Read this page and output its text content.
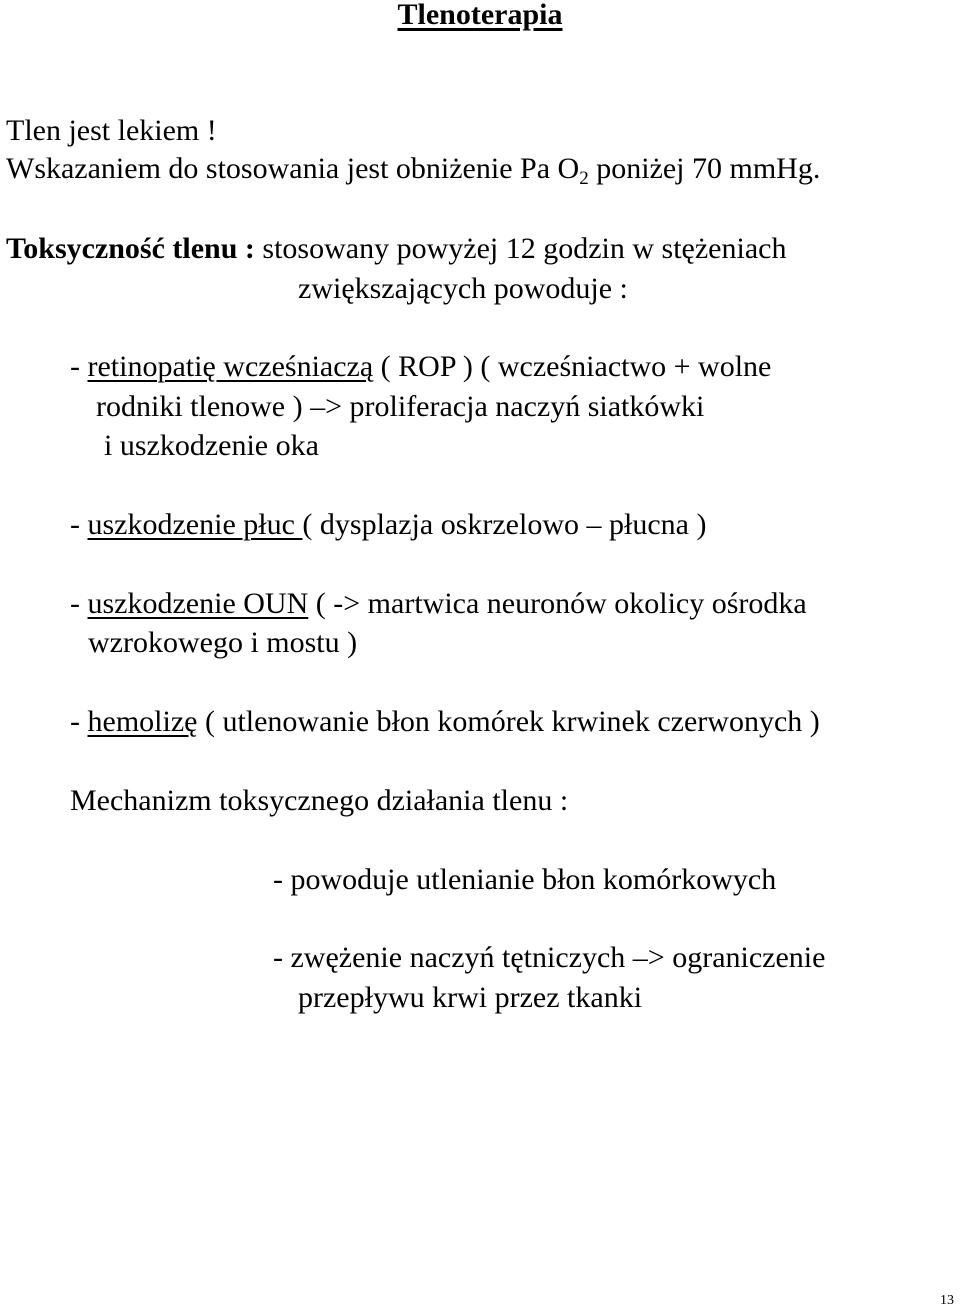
Tlenoterapia

Tlen jest lekiem !

Wskazaniem do stosowania jest obniżenie Pa $O_2$ poniżej 70 mmHg.

Toksyczność tlenu : stosowany powyżej 12 godzin w stężeniach

zwiększających powoduje :

- retinopatię wcześniaczą ( ROP ) ( wcześniactwo + wolne

rodniki tlenowe ) –> proliferacja naczyń siatkówki

i uszkodzenie oka

- uszkodzenie płuc ( dysplazja oskrzelowo – płucna )

- uszkodzenie OUN ( -> martwica neuronów okolicy ośrodka

wzrokowego i mostu )

- hemolizę ( utlenowanie błon komórek krwinek czerwonych )

Mechanizm toksycznego działania tlenu :

- powoduje utlenianie błon komórkowych

- zwężenie naczyń tętniczych –> ograniczenie

przepływu krwi przez tkanki

13
